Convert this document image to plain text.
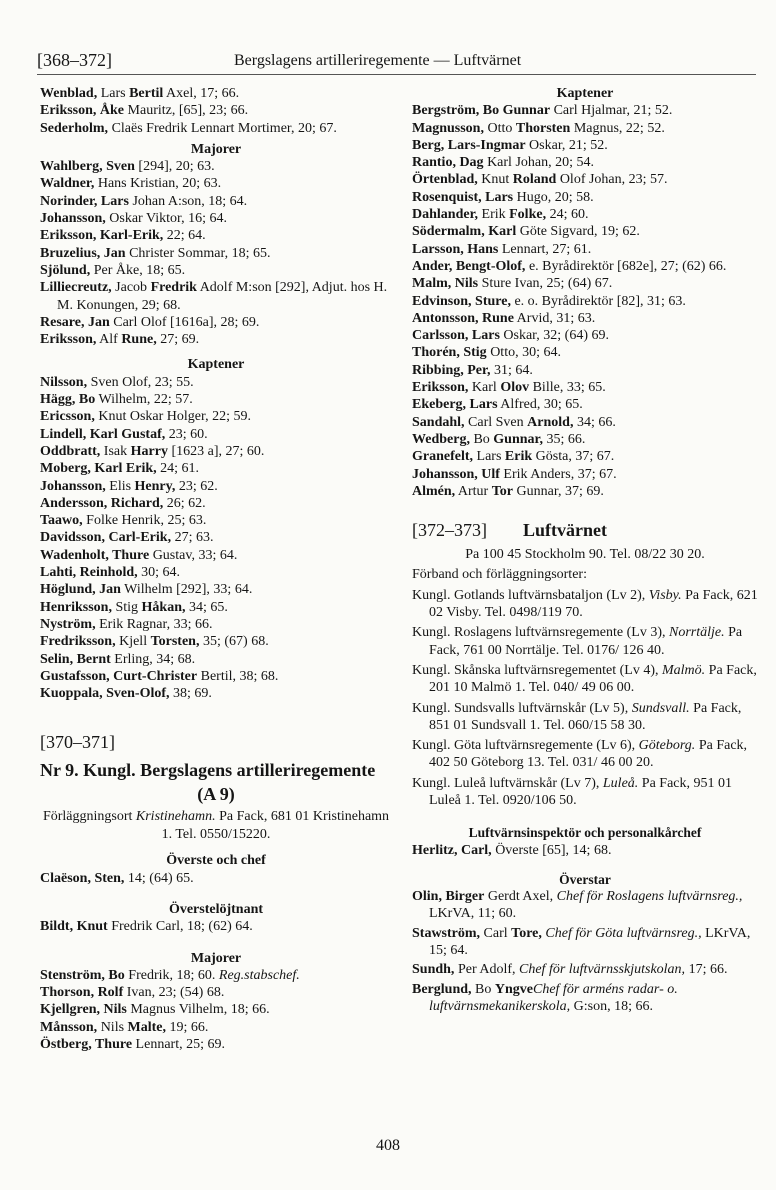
[368–372]	Bergslagens artilleriregemente — Luftvärnet
Wenblad, Lars Bertil Axel, 17; 66.
Eriksson, Åke Mauritz, [65], 23; 66.
Sederholm, Claës Fredrik Lennart Mortimer, 20; 67.
Majorer
Wahlberg, Sven [294], 20; 63.
Waldner, Hans Kristian, 20; 63.
Norinder, Lars Johan A:son, 18; 64.
Johansson, Oskar Viktor, 16; 64.
Eriksson, Karl-Erik, 22; 64.
Bruzelius, Jan Christer Sommar, 18; 65.
Sjölund, Per Åke, 18; 65.
Lilliecreutz, Jacob Fredrik Adolf M:son [292], Adjut. hos H. M. Konungen, 29; 68.
Resare, Jan Carl Olof [1616a], 28; 69.
Eriksson, Alf Rune, 27; 69.
Kaptener
Nilsson, Sven Olof, 23; 55.
Hägg, Bo Wilhelm, 22; 57.
Ericsson, Knut Oskar Holger, 22; 59.
Lindell, Karl Gustaf, 23; 60.
Oddbratt, Isak Harry [1623 a], 27; 60.
Moberg, Karl Erik, 24; 61.
Johansson, Elis Henry, 23; 62.
Andersson, Richard, 26; 62.
Taawo, Folke Henrik, 25; 63.
Davidsson, Carl-Erik, 27; 63.
Wadenholt, Thure Gustav, 33; 64.
Lahti, Reinhold, 30; 64.
Höglund, Jan Wilhelm [292], 33; 64.
Henriksson, Stig Håkan, 34; 65.
Nyström, Erik Ragnar, 33; 66.
Fredriksson, Kjell Torsten, 35; (67) 68.
Selin, Bernt Erling, 34; 68.
Gustafsson, Curt-Christer Bertil, 38; 68.
Kuoppala, Sven-Olof, 38; 69.
[370–371]
Nr 9. Kungl. Bergslagens artilleriregemente
(A 9)
Förläggningsort Kristinehamn. Pa Fack, 681 01 Kristinehamn 1. Tel. 0550/15220.
Överste och chef
Claëson, Sten, 14; (64) 65.
Överstelöjtnant
Bildt, Knut Fredrik Carl, 18; (62) 64.
Majorer
Stenström, Bo Fredrik, 18; 60. Reg.stabschef.
Thorson, Rolf Ivan, 23; (54) 68.
Kjellgren, Nils Magnus Vilhelm, 18; 66.
Månsson, Nils Malte, 19; 66.
Östberg, Thure Lennart, 25; 69.
Kaptener
Bergström, Bo Gunnar Carl Hjalmar, 21; 52.
Magnusson, Otto Thorsten Magnus, 22; 52.
Berg, Lars-Ingmar Oskar, 21; 52.
Rantio, Dag Karl Johan, 20; 54.
Örtenblad, Knut Roland Olof Johan, 23; 57.
Rosenquist, Lars Hugo, 20; 58.
Dahlander, Erik Folke, 24; 60.
Södermalm, Karl Göte Sigvard, 19; 62.
Larsson, Hans Lennart, 27; 61.
Ander, Bengt-Olof, e. Byrådirektör [682e], 27; (62) 66.
Malm, Nils Sture Ivan, 25; (64) 67.
Edvinson, Sture, e. o. Byrådirektör [82], 31; 63.
Antonsson, Rune Arvid, 31; 63.
Carlsson, Lars Oskar, 32; (64) 69.
Thorén, Stig Otto, 30; 64.
Ribbing, Per, 31; 64.
Eriksson, Karl Olov Bille, 33; 65.
Ekeberg, Lars Alfred, 30; 65.
Sandahl, Carl Sven Arnold, 34; 66.
Wedberg, Bo Gunnar, 35; 66.
Granefelt, Lars Erik Gösta, 37; 67.
Johansson, Ulf Erik Anders, 37; 67.
Almén, Artur Tor Gunnar, 37; 69.
[372–373] Luftvärnet
Pa 100 45 Stockholm 90. Tel. 08/22 30 20.
Förband och förläggningsorter:
Kungl. Gotlands luftvärnsbataljon (Lv 2), Visby. Pa Fack, 621 02 Visby. Tel. 0498/119 70.
Kungl. Roslagens luftvärnsregemente (Lv 3), Norrtälje. Pa Fack, 761 00 Norrtälje. Tel. 0176/ 126 40.
Kungl. Skånska luftvärnsregementet (Lv 4), Malmö. Pa Fack, 201 10 Malmö 1. Tel. 040/ 49 06 00.
Kungl. Sundsvalls luftvärnskår (Lv 5), Sundsvall. Pa Fack, 851 01 Sundsvall 1. Tel. 060/15 58 30.
Kungl. Göta luftvärnsregemente (Lv 6), Göteborg. Pa Fack, 402 50 Göteborg 13. Tel. 031/ 46 00 20.
Kungl. Luleå luftvärnskår (Lv 7), Luleå. Pa Fack, 951 01 Luleå 1. Tel. 0920/106 50.
Luftvärnsinspektör och personalkårchef
Herlitz, Carl, Överste [65], 14; 68.
Överstar
Olin, Birger Gerdt Axel, Chef för Roslagens luftvärnsreg., LKrVA, 11; 60.
Stawström, Carl Tore, Chef för Göta luftvärnsreg., LKrVA, 15; 64.
Sundh, Per Adolf, Chef för luftvärnsskjutskolan, 17; 66.
Berglund, Bo YngveChef för arméns radar- o. luftvärnsmekanikerskola, G:son, 18; 66.
408
